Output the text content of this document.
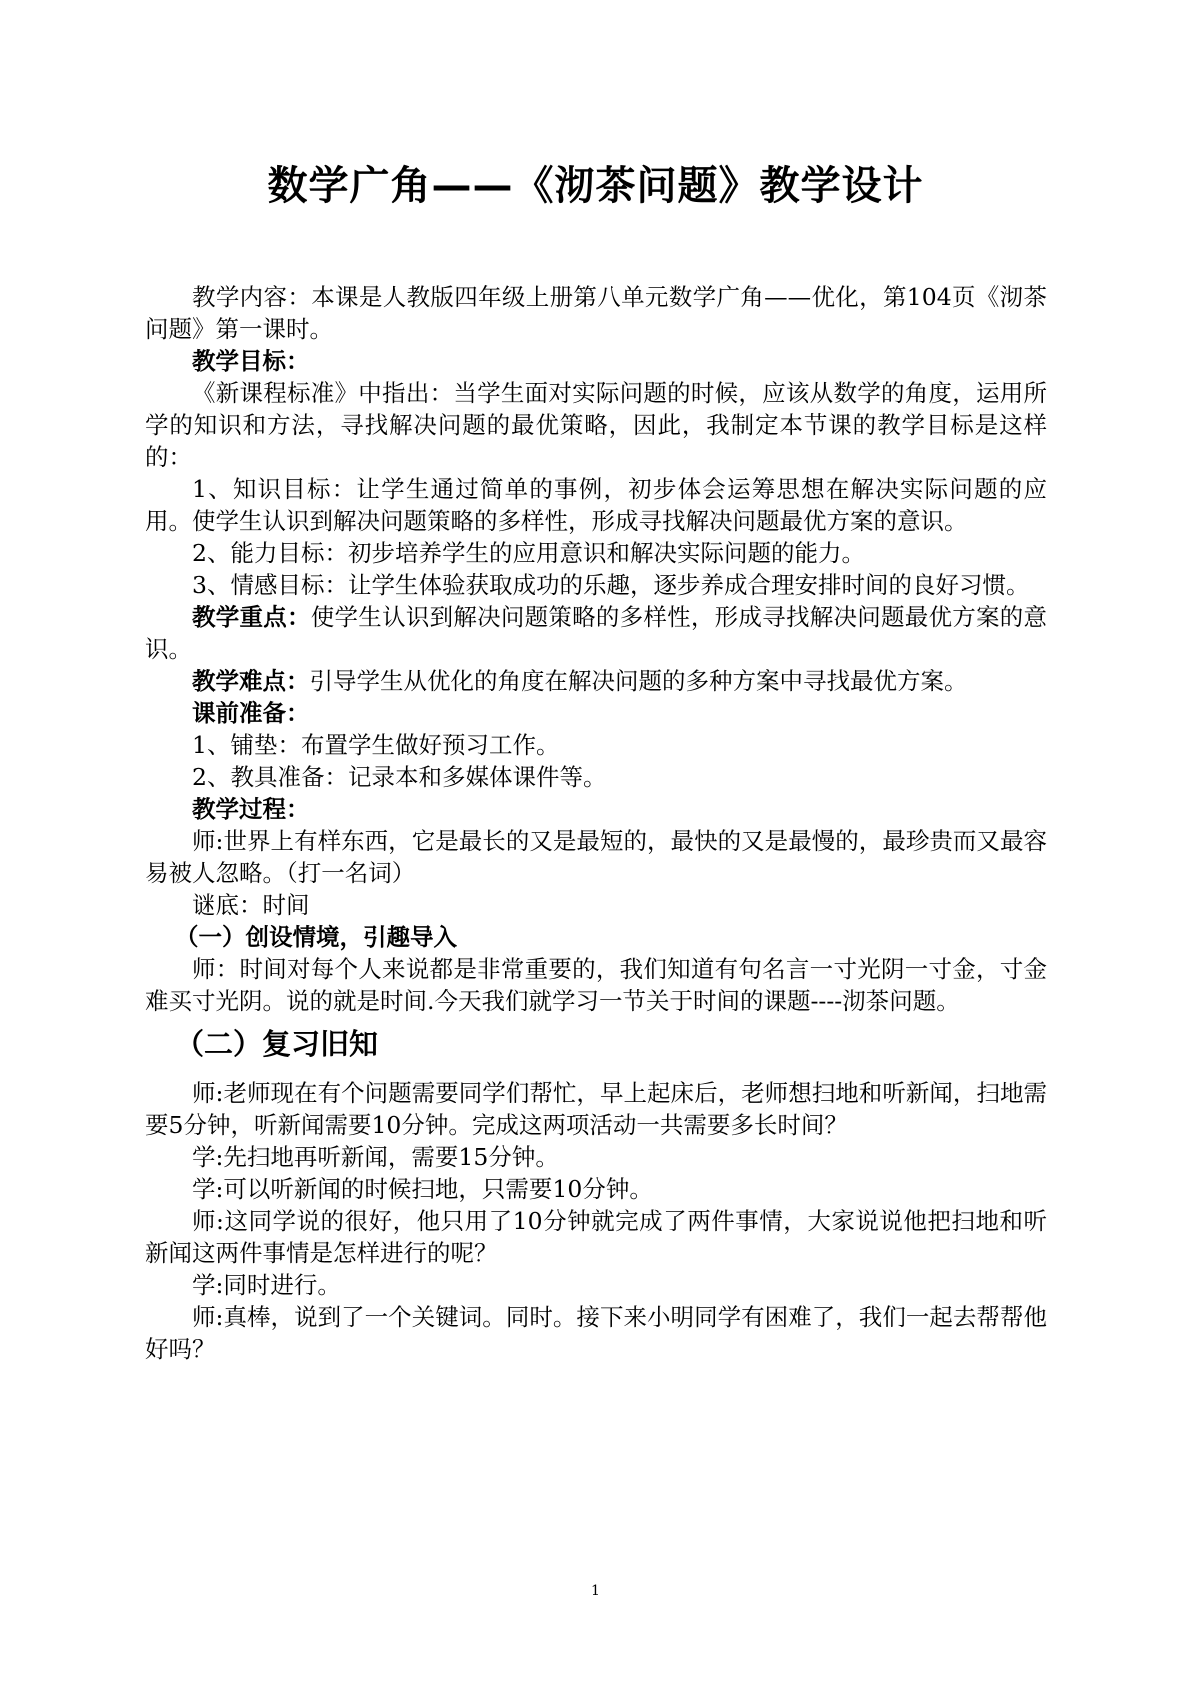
数学广角——《沏茶问题》教学设计

教学内容：本课是人教版四年级上册第八单元数学广角——优化，第104页《沏茶问题》第一课时。

教学目标：

《新课程标准》中指出：当学生面对实际问题的时候，应该从数学的角度，运用所学的知识和方法，寻找解决问题的最优策略，因此，我制定本节课的教学目标是这样的：

1、知识目标：让学生通过简单的事例，初步体会运筹思想在解决实际问题的应用。使学生认识到解决问题策略的多样性，形成寻找解决问题最优方案的意识。

2、能力目标：初步培养学生的应用意识和解决实际问题的能力。

3、情感目标：让学生体验获取成功的乐趣，逐步养成合理安排时间的良好习惯。

教学重点：使学生认识到解决问题策略的多样性，形成寻找解决问题最优方案的意识。

教学难点：引导学生从优化的角度在解决问题的多种方案中寻找最优方案。

课前准备：

1、铺垫：布置学生做好预习工作。

2、教具准备：记录本和多媒体课件等。

教学过程：

师:世界上有样东西，它是最长的又是最短的，最快的又是最慢的，最珍贵而又最容易被人忽略。（打一名词）

谜底：时间

（一）创设情境，引趣导入

师：时间对每个人来说都是非常重要的，我们知道有句名言一寸光阴一寸金，寸金难买寸光阴。说的就是时间.今天我们就学习一节关于时间的课题----沏茶问题。

（二）复习旧知

师:老师现在有个问题需要同学们帮忙，早上起床后，老师想扫地和听新闻，扫地需要5分钟，听新闻需要10分钟。完成这两项活动一共需要多长时间？

学:先扫地再听新闻，需要15分钟。

学:可以听新闻的时候扫地，只需要10分钟。

师:这同学说的很好，他只用了10分钟就完成了两件事情，大家说说他把扫地和听新闻这两件事情是怎样进行的呢？

学:同时进行。

师:真棒，说到了一个关键词。同时。接下来小明同学有困难了，我们一起去帮帮他好吗？

1
